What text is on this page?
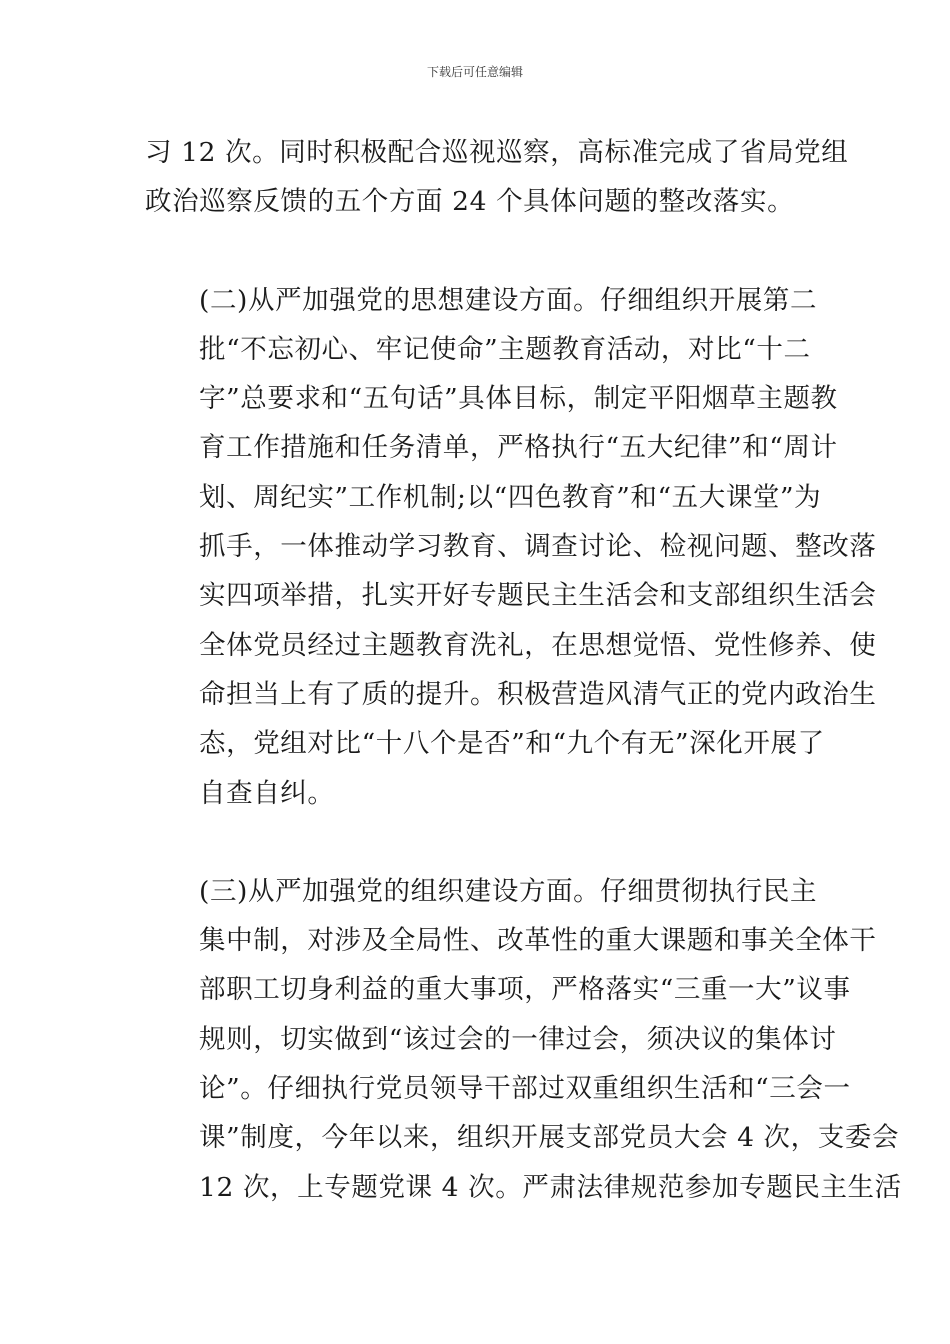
下载后可任意编辑

习 12 次。同时积极配合巡视巡察，高标准完成了省局党组
政治巡察反馈的五个方面 24 个具体问题的整改落实。

(二)从严加强党的思想建设方面。仔细组织开展第二
批“不忘初心、牢记使命”主题教育活动，对比“十二
字”总要求和“五句话”具体目标，制定平阳烟草主题教
育工作措施和任务清单，严格执行“五大纪律”和“周计
划、周纪实”工作机制;以“四色教育”和“五大课堂”为
抓手，一体推动学习教育、调查讨论、检视问题、整改落
实四项举措，扎实开好专题民主生活会和支部组织生活会
全体党员经过主题教育洗礼，在思想觉悟、党性修养、使
命担当上有了质的提升。积极营造风清气正的党内政治生
态，党组对比“十八个是否”和“九个有无”深化开展了
自查自纠。

(三)从严加强党的组织建设方面。仔细贯彻执行民主
集中制，对涉及全局性、改革性的重大课题和事关全体干
部职工切身利益的重大事项，严格落实“三重一大”议事
规则，切实做到“该过会的一律过会，须决议的集体讨
论”。仔细执行党员领导干部过双重组织生活和“三会一
课”制度，今年以来，组织开展支部党员大会 4 次，支委会
12 次，上专题党课 4 次。严肃法律规范参加专题民主生活
